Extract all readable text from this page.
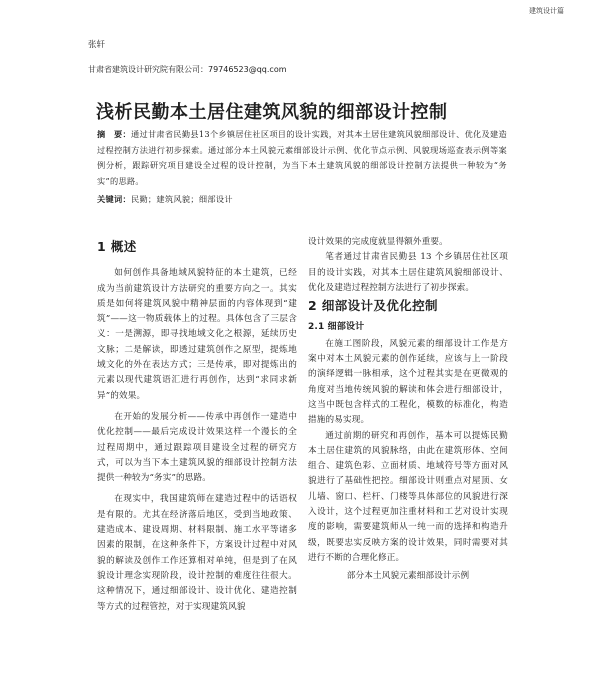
建筑设计篇
张轩
甘肃省建筑设计研究院有限公司：79746523@qq.com
浅析民勤本土居住建筑风貌的细部设计控制
摘　要：通过甘肃省民勤县13个乡镇居住社区项目的设计实践，对其本土居住建筑风貌细部设计、优化及建造过程控制方法进行初步探索。通过部分本土风貌元素细部设计示例、优化节点示例、风貌现场巡查表示例等案例分析，跟踪研究项目建设全过程的设计控制，为当下本土建筑风貌的细部设计控制方法提供一种较为“务实”的思路。
关键词：民勤；建筑风貌；细部设计
1 概述

如何创作具备地域风貌特征的本土建筑，已经成为当前建筑设计方法研究的重要方向之一。其实质是如何将建筑风貌中精神层面的内容体现到“建筑”——这一物质载体上的过程。具体包含了三层含义：一是溯源，即寻找地域文化之根源，延续历史文脉；二是解读，即透过建筑创作之原型，提炼地域文化的外在表达方式；三是传承，即对提炼出的元素以现代建筑语汇进行再创作，达到“求同求新异”的效果。

在开始的发展分析——传承中再创作一建造中优化控制——最后完成设计效果这样一个漫长的全过程周期中，通过跟踪项目建设全过程的研究方式，可以为当下本土建筑风貌的细部设计控制方法提供一种较为“务实”的思路。

在现实中，我国建筑师在建造过程中的话语权是有限的。尤其在经济落后地区，受到当地政策、建造成本、建设周期、材料限制、施工水平等诸多因素的限制，在这种条件下，方案设计过程中对风貌的解读及创作工作还算相对单纯，但是到了在风貌设计理念实现阶段，设计控制的难度往往很大。这种情况下，通过细部设计、设计优化、建造控制等方式的过程管控，对于实现建筑风貌

设计效果的完成度就显得额外重要。

笔者通过甘肃省民勤县 13 个乡镇居住社区项目的设计实践，对其本土居住建筑风貌细部设计、优化及建造过程控制方法进行了初步探索。

2 细部设计及优化控制
2.1 细部设计

在施工图阶段，风貌元素的细部设计工作是方案中对本土风貌元素的创作延续，应该与上一阶段的演绎逻辑一脉相承，这个过程其实是在更微观的角度对当地传统风貌的解读和体会进行细部设计，这当中既包含样式的工程化，模数的标准化，构造措施的易实现。

通过前期的研究和再创作，基本可以提炼民勤本土居住建筑的风貌脉络，由此在建筑形体、空间组合、建筑色彩、立面材质、地域符号等方面对风貌进行了基础性把控。细部设计则重点对屋顶、女儿墙、窗口、栏杆、门楼等具体部位的风貌进行深入设计，这个过程更加注重材料和工艺对设计实现度的影响，需要建筑师从一纯一而的选择和构造升级，既要忠实反映方案的设计效果，同时需要对其进行不断的合理化修正。

部分本土风貌元素细部设计示例
